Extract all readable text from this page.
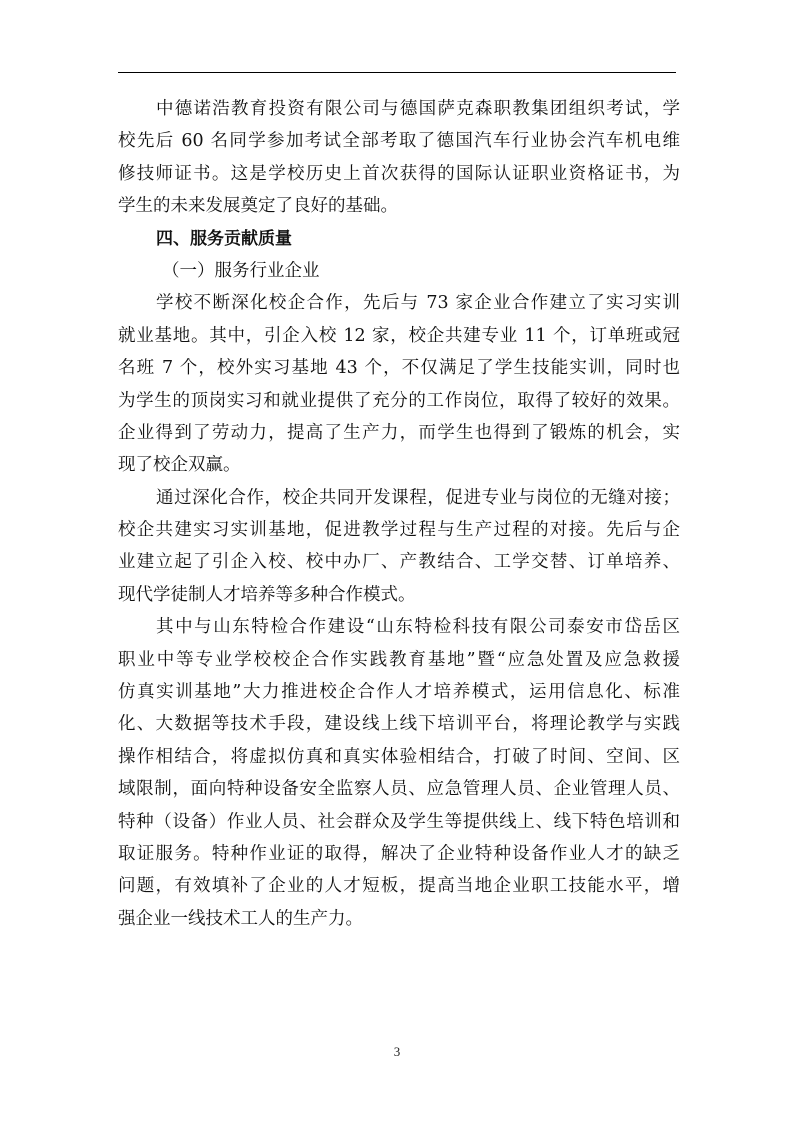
中德诺浩教育投资有限公司与德国萨克森职教集团组织考试，学
校先后 60 名同学参加考试全部考取了德国汽车行业协会汽车机电维
修技师证书。这是学校历史上首次获得的国际认证职业资格证书，为
学生的未来发展奠定了良好的基础。
四、服务贡献质量
（一）服务行业企业
学校不断深化校企合作，先后与 73 家企业合作建立了实习实训
就业基地。其中，引企入校 12 家，校企共建专业 11 个，订单班或冠
名班 7 个，校外实习基地 43 个，不仅满足了学生技能实训，同时也
为学生的顶岗实习和就业提供了充分的工作岗位，取得了较好的效果。
企业得到了劳动力，提高了生产力，而学生也得到了锻炼的机会，实
现了校企双赢。
通过深化合作，校企共同开发课程，促进专业与岗位的无缝对接；
校企共建实习实训基地，促进教学过程与生产过程的对接。先后与企
业建立起了引企入校、校中办厂、产教结合、工学交替、订单培养、
现代学徒制人才培养等多种合作模式。
其中与山东特检合作建设“山东特检科技有限公司泰安市岱岳区
职业中等专业学校校企合作实践教育基地”暨“应急处置及应急救援
仿真实训基地”大力推进校企合作人才培养模式，运用信息化、标准
化、大数据等技术手段，建设线上线下培训平台，将理论教学与实践
操作相结合，将虚拟仿真和真实体验相结合，打破了时间、空间、区
域限制，面向特种设备安全监察人员、应急管理人员、企业管理人员、
特种（设备）作业人员、社会群众及学生等提供线上、线下特色培训和
取证服务。特种作业证的取得，解决了企业特种设备作业人才的缺乏
问题，有效填补了企业的人才短板，提高当地企业职工技能水平，增
强企业一线技术工人的生产力。
3
